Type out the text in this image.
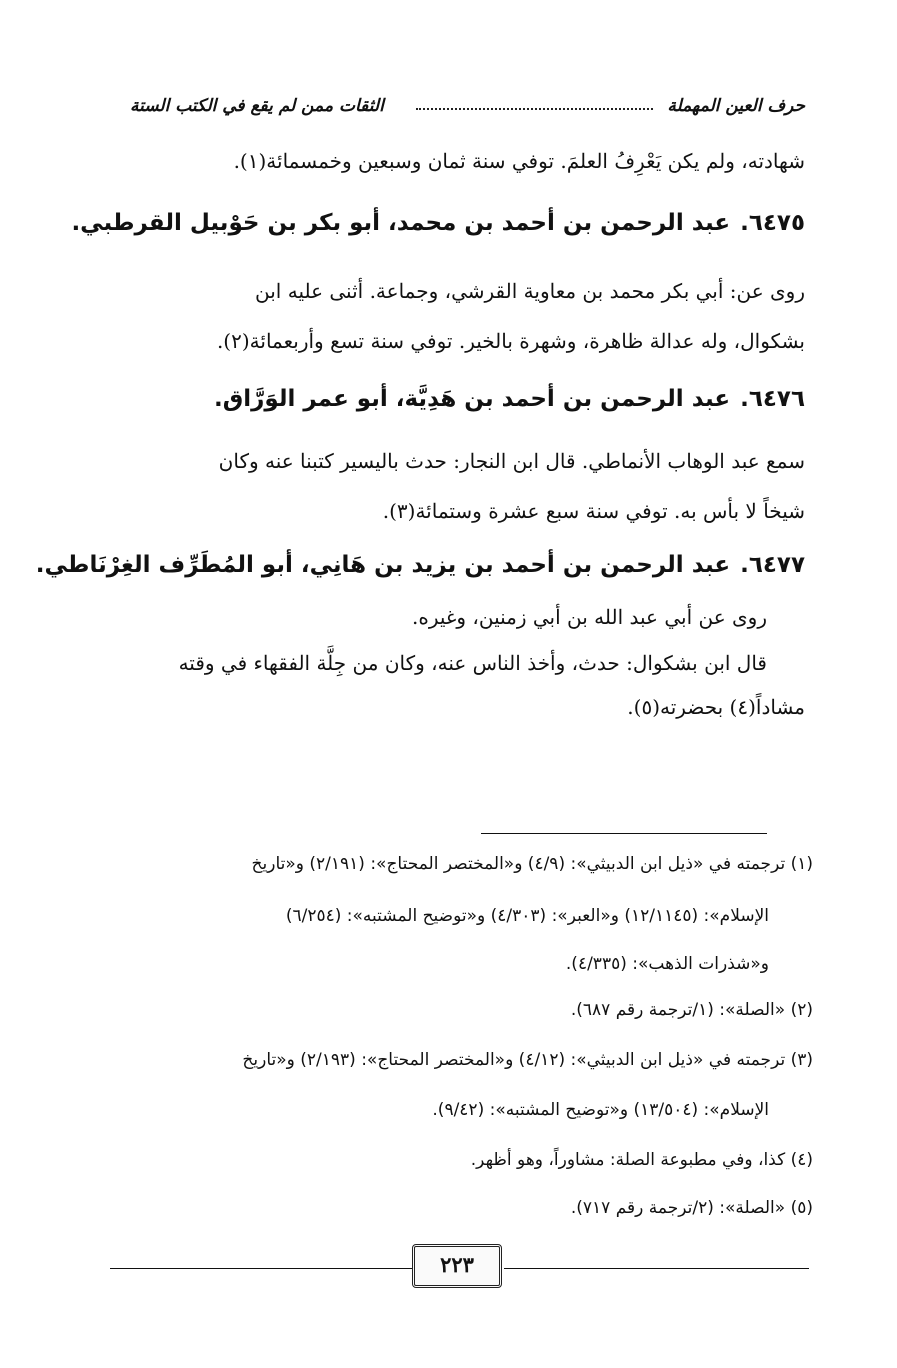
حرف العين المهملة
الثقات ممن لم يقع في الكتب الستة
شهادته، ولم يكن يَعْرِفُ العلمَ. توفي سنة ثمان وسبعين وخمسمائة(١).
٦٤٧٥.عبد الرحمن بن أحمد بن محمد، أبو بكر بن حَوْبيل القرطبي.
روى عن: أبي بكر محمد بن معاوية القرشي، وجماعة. أثنى عليه ابن
بشكوال، وله عدالة ظاهرة، وشهرة بالخير. توفي سنة تسع وأربعمائة(٢).
٦٤٧٦.عبد الرحمن بن أحمد بن هَدِيَّة، أبو عمر الوَرَّاق.
سمع عبد الوهاب الأنماطي. قال ابن النجار: حدث باليسير كتبنا عنه وكان
شيخاً لا بأس به. توفي سنة سبع عشرة وستمائة(٣).
٦٤٧٧.عبد الرحمن بن أحمد بن يزيد بن هَانِي، أبو المُطَرِّف الغِرْنَاطي.
روى عن أبي عبد الله بن أبي زمنين، وغيره.
قال ابن بشكوال: حدث، وأخذ الناس عنه، وكان من جِلَّة الفقهاء في وقته
مشاداً(٤) بحضرته(٥).
(١) ترجمته في «ذيل ابن الدبيثي»: (٤/٩) و«المختصر المحتاج»: (٢/١٩١) و«تاريخ
الإسلام»: (١٢/١١٤٥) و«العبر»: (٤/٣٠٣) و«توضيح المشتبه»: (٦/٢٥٤)
و«شذرات الذهب»: (٤/٣٣٥).
(٢) «الصلة»: (١/ترجمة رقم ٦٨٧).
(٣) ترجمته في «ذيل ابن الدبيثي»: (٤/١٢) و«المختصر المحتاج»: (٢/١٩٣) و«تاريخ
الإسلام»: (١٣/٥٠٤) و«توضيح المشتبه»: (٩/٤٢).
(٤) كذا، وفي مطبوعة الصلة: مشاوراً، وهو أظهر.
(٥) «الصلة»: (٢/ترجمة رقم ٧١٧).
٢٢٣
